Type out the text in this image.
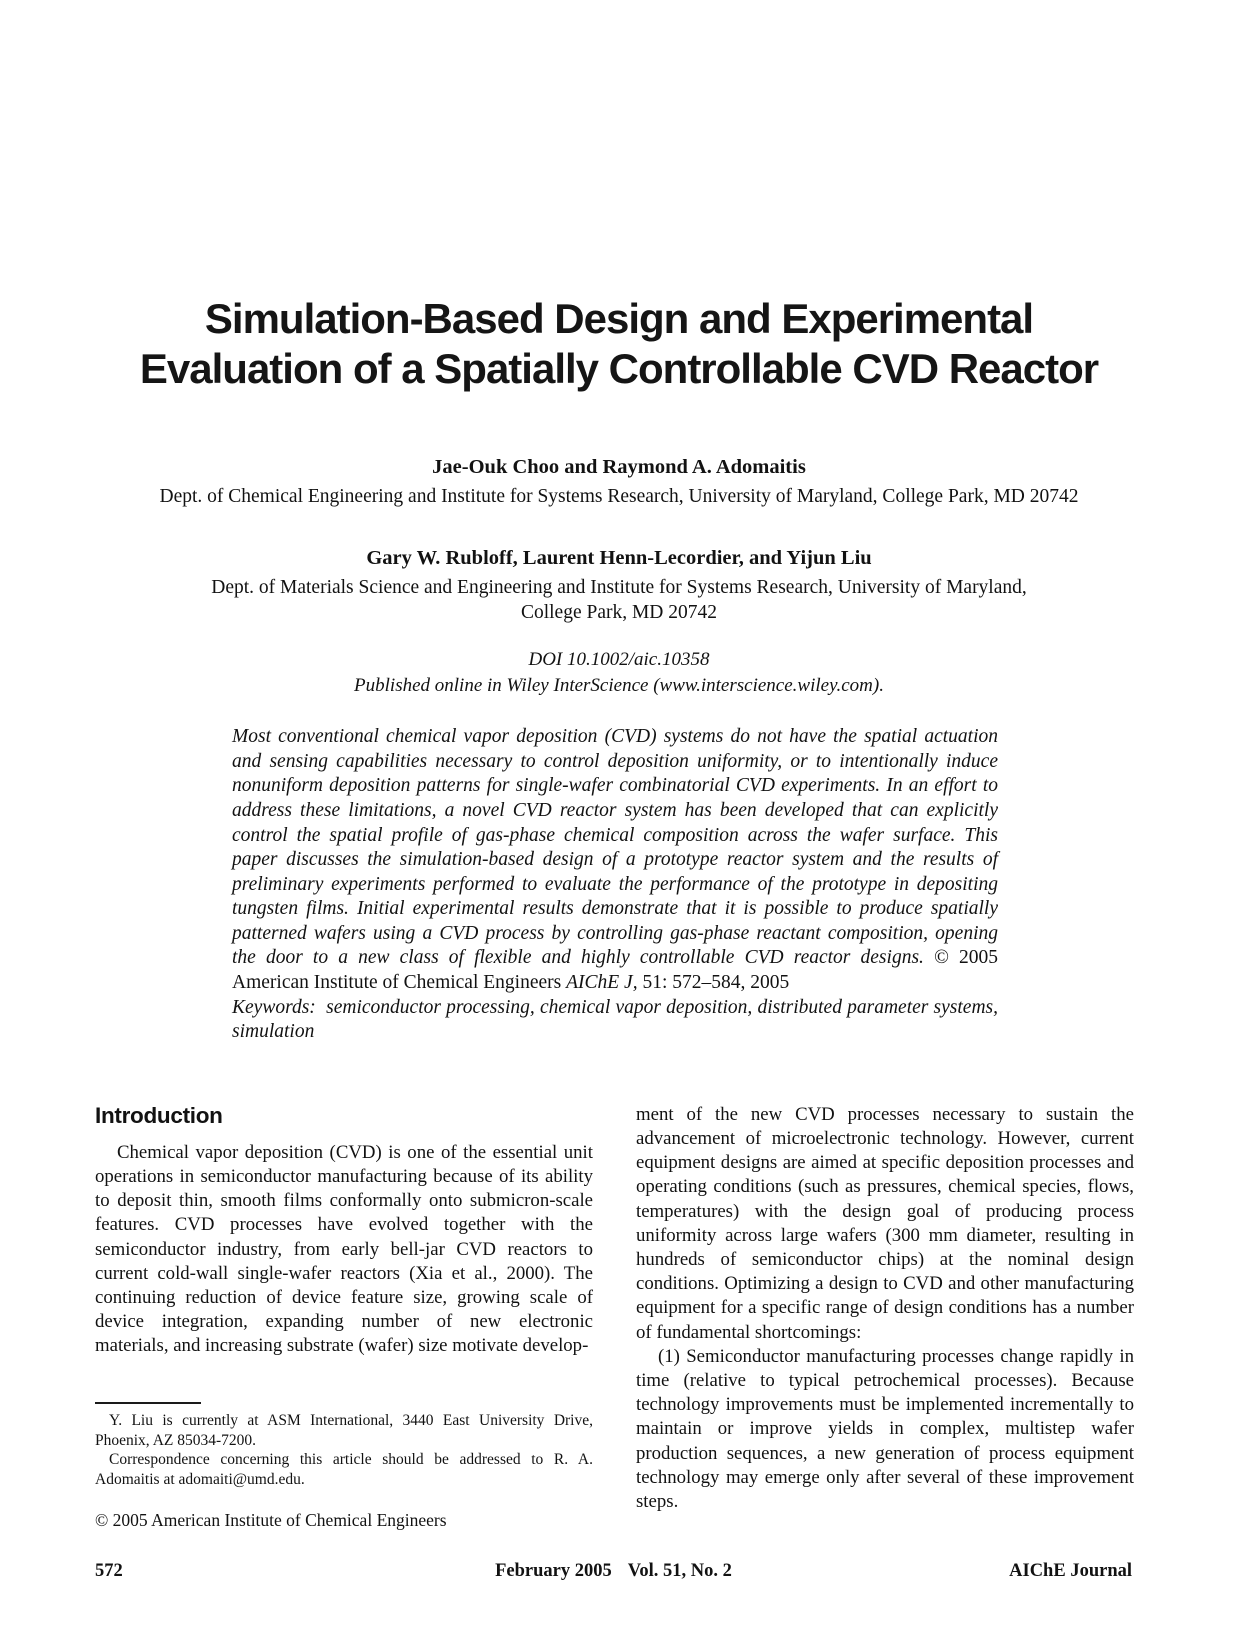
Simulation-Based Design and Experimental
Evaluation of a Spatially Controllable CVD Reactor
Jae-Ouk Choo and Raymond A. Adomaitis
Dept. of Chemical Engineering and Institute for Systems Research, University of Maryland, College Park, MD 20742
Gary W. Rubloff, Laurent Henn-Lecordier, and Yijun Liu
Dept. of Materials Science and Engineering and Institute for Systems Research, University of Maryland,
College Park, MD 20742
DOI 10.1002/aic.10358
Published online in Wiley InterScience (www.interscience.wiley.com).

Most conventional chemical vapor deposition (CVD) systems do not have the spatial actuation and sensing capabilities necessary to control deposition uniformity, or to intentionally induce nonuniform deposition patterns for single-wafer combinatorial CVD experiments. In an effort to address these limitations, a novel CVD reactor system has been developed that can explicitly control the spatial profile of gas-phase chemical composition across the wafer surface. This paper discusses the simulation-based design of a prototype reactor system and the results of preliminary experiments performed to evaluate the performance of the prototype in depositing tungsten films. Initial experimental results demonstrate that it is possible to produce spatially patterned wafers using a CVD process by controlling gas-phase reactant composition, opening the door to a new class of flexible and highly controllable CVD reactor designs. © 2005 American Institute of Chemical Engineers AIChE J, 51: 572–584, 2005

Keywords: semiconductor processing, chemical vapor deposition, distributed parameter systems, simulation

Introduction

Chemical vapor deposition (CVD) is one of the essential unit operations in semiconductor manufacturing because of its ability to deposit thin, smooth films conformally onto submicron-scale features. CVD processes have evolved together with the semiconductor industry, from early bell-jar CVD reactors to current cold-wall single-wafer reactors (Xia et al., 2000). The continuing reduction of device feature size, growing scale of device integration, expanding number of new electronic materials, and increasing substrate (wafer) size motivate develop-

ment of the new CVD processes necessary to sustain the advancement of microelectronic technology. However, current equipment designs are aimed at specific deposition processes and operating conditions (such as pressures, chemical species, flows, temperatures) with the design goal of producing process uniformity across large wafers (300 mm diameter, resulting in hundreds of semiconductor chips) at the nominal design conditions. Optimizing a design to CVD and other manufacturing equipment for a specific range of design conditions has a number of fundamental shortcomings:

(1) Semiconductor manufacturing processes change rapidly in time (relative to typical petrochemical processes). Because technology improvements must be implemented incrementally to maintain or improve yields in complex, multistep wafer production sequences, a new generation of process equipment technology may emerge only after several of these improvement steps.

Y. Liu is currently at ASM International, 3440 East University Drive, Phoenix, AZ 85034-7200.

Correspondence concerning this article should be addressed to R. A. Adomaitis at adomaiti@umd.edu.

© 2005 American Institute of Chemical Engineers

572	February 2005 Vol. 51, No. 2	AIChE Journal
